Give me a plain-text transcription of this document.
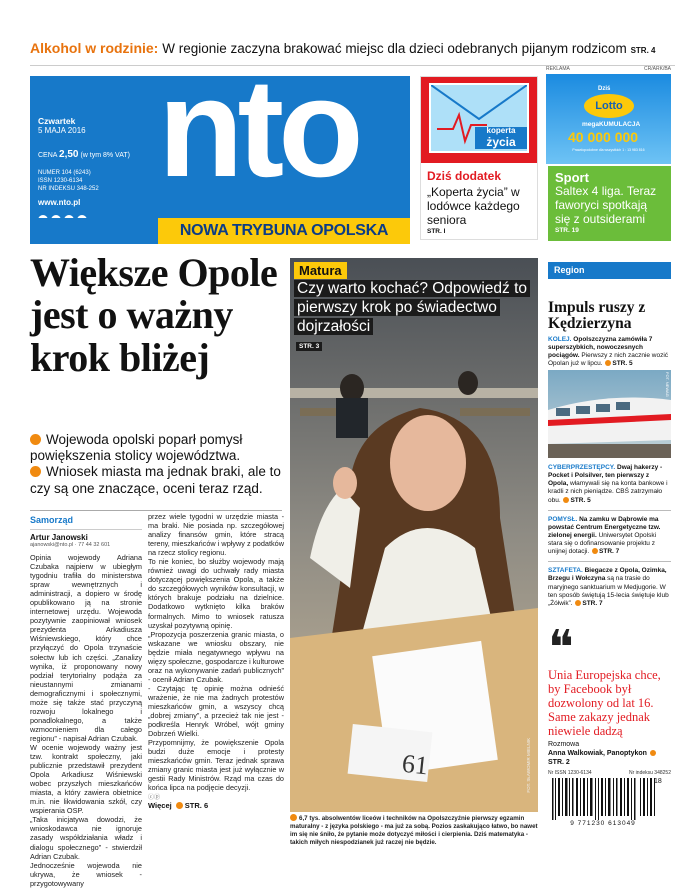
Alkohol w rodzinie: W regionie zaczyna brakować miejsc dla dzieci odebranych pijanym rodzicom STR. 4
Czwartek
5 MAJA 2016
CENA 2,50 (w tym 8% VAT)
NUMER 104 (6243)
ISSN 1230-6134
NR INDEKSU 348-252
www.nto.pl nto
NOWA TRYBUNA OPOLSKA
koperta
życia
Dziś dodatek
„Koperta życia” w lodówce każdego seniora
STR. I
REKLAMA	CR/ARK/BA
Dziś
Lotto
megaKUMULACJA
40 000 000
Prawdopodobne dla wszystkich 1 : 13 983 816
Sport
Saltex 4 liga. Teraz faworyci spotkają się z outsiderami
STR. 19
Większe Opole jest o ważny krok bliżej
Wojewoda opolski poparł pomysł powiększenia stolicy województwa.
Wniosek miasta ma jednak braki, ale to czy są one znaczące, oceni teraz rząd.
Samorząd
Artur Janowski
ajanowski@nto.pl · 77 44 32 601
Opinia wojewody Adriana Czubaka najpierw w ubiegłym tygodniu trafiła do ministerstwa spraw wewnętrznych i administracji, a dopiero w środę opublikowano ją na stronie internetowej urzędu. Wojewoda pozytywnie zaopiniował wniosek prezydenta Arkadiusza Wiśniewskiego, który chce przyłączyć do Opola trzynaście sołectw lub ich części. „Zanalizy wynika, iż proponowany nowy podział terytorialny podąża za nieustannymi zmianami demograficznymi i społecznymi, może się także stać przyczyną rozwoju lokalnego i ponadlokalnego, a także wzmocnieniem dla całego regionu” - napisał Adrian Czubak.
W ocenie wojewody ważny jest tzw. kontrakt społeczny, jaki publicznie przedstawił prezydent Opola Arkadiusz Wiśniewski wobec przyszłych mieszkańców miasta, a który zawiera obietnice m.in. nie likwidowania szkół, czy wspierania OSP.
„Taka inicjatywa dowodzi, że wnioskodawca nie ignoruje zasady współdziałania władz i dialogu społecznego” - stwierdził Adrian Czubak.
Jednocześnie wojewoda nie ukrywa, że wniosek - przygotowywany
przez wiele tygodni w urzędzie miasta - ma braki. Nie posiada np. szczegółowej analizy finansów gmin, które stracą tereny, mieszkańców i wpływy z podatków na rzecz stolicy regionu.
To nie koniec, bo służby wojewody mają również uwagi do uchwały rady miasta dotyczącej powiększenia Opola, a także do szczegółowych wyników konsultacji, w których brakuje podziału na dzielnice. Dodatkowo wytknięto kilka braków formalnych. Mimo to wniosek ratusza uzyskał pozytywną opinię.
„Propozycja poszerzenia granic miasta, o wskazane we wniosku obszary, nie będzie miała negatywnego wpływu na więzy społeczne, gospodarcze i kulturowe oraz na wykonywanie zadań publicznych” - ocenił Adrian Czubak.
- Czytając tę opinię można odnieść wrażenie, że nie ma żadnych protestów mieszkańców gmin, a wszyscy chcą „dobrej zmiany”, a przecież tak nie jest - podkreśla Henryk Wróbel, wójt gminy Dobrzeń Wielki.
Przypomnijmy, że powiększenie Opola budzi duże emocje i protesty mieszkańców gmin. Teraz jednak sprawa zmiany granic miasta jest już wyłącznie w gestii Rady Ministrów. Rząd ma czas do końca lipca na podjęcie decyzji.
ⓒⓟ
Więcej STR. 6
61
Matura
Czy warto kochać? Odpowiedź to pierwszy krok po świadectwo dojrzałości
STR. 3
FOT. SŁAWOMIR MIELNIK
6,7 tys. absolwentów liceów i techników na Opolszczyźnie pierwszy egzamin maturalny - z języka polskiego - ma już za sobą. Pozios zaskakująco łatwo, bo nawet im się nie śniło, że pytanie może dotyczyć miłości i cierpienia. Dziś matematyka - takich miłych niespodzianek już raczej nie będzie.
Region
Impuls ruszy z Kędzierzyna
KOLEJ. Opolszczyzna zamówiła 7 superszybkich, nowoczesnych pociągów. Pierwszy z nich zacznie wozić Opolan już w lipcu. STR. 5
FOT. NEWAG
CYBERPRZESTĘPCY. Dwaj hakerzy - Pocket i Polsilver, ten pierwszy z Opola, włamywali się na konta bankowe i kradli z nich pieniądze. CBŚ zatrzymało obu. STR. 5
POMYSŁ. Na zamku w Dąbrowie ma powstać Centrum Energetyczne tzw. zielonej energii. Uniwersytet Opolski stara się o dofinansowanie projektu z unijnej dotacji. STR. 7
SZTAFETA. Biegacze z Opola, Ozimka, Brzegu i Wołczyna są na trasie do maryjnego sanktuarium w Medjugorie. W ten sposób świętują 15-lecia świętuje klub „Żółwik”. STR. 7
❝
Unia Europejska chce, by Facebook był dozwolony od lat 16. Same zakazy jednak niewiele dadzą
Rozmowa
Anna Walkowiak, Panoptykon STR. 2
Nr ISSN 1230-6134	Nr indeksu 348252
18
9 771230 613049
